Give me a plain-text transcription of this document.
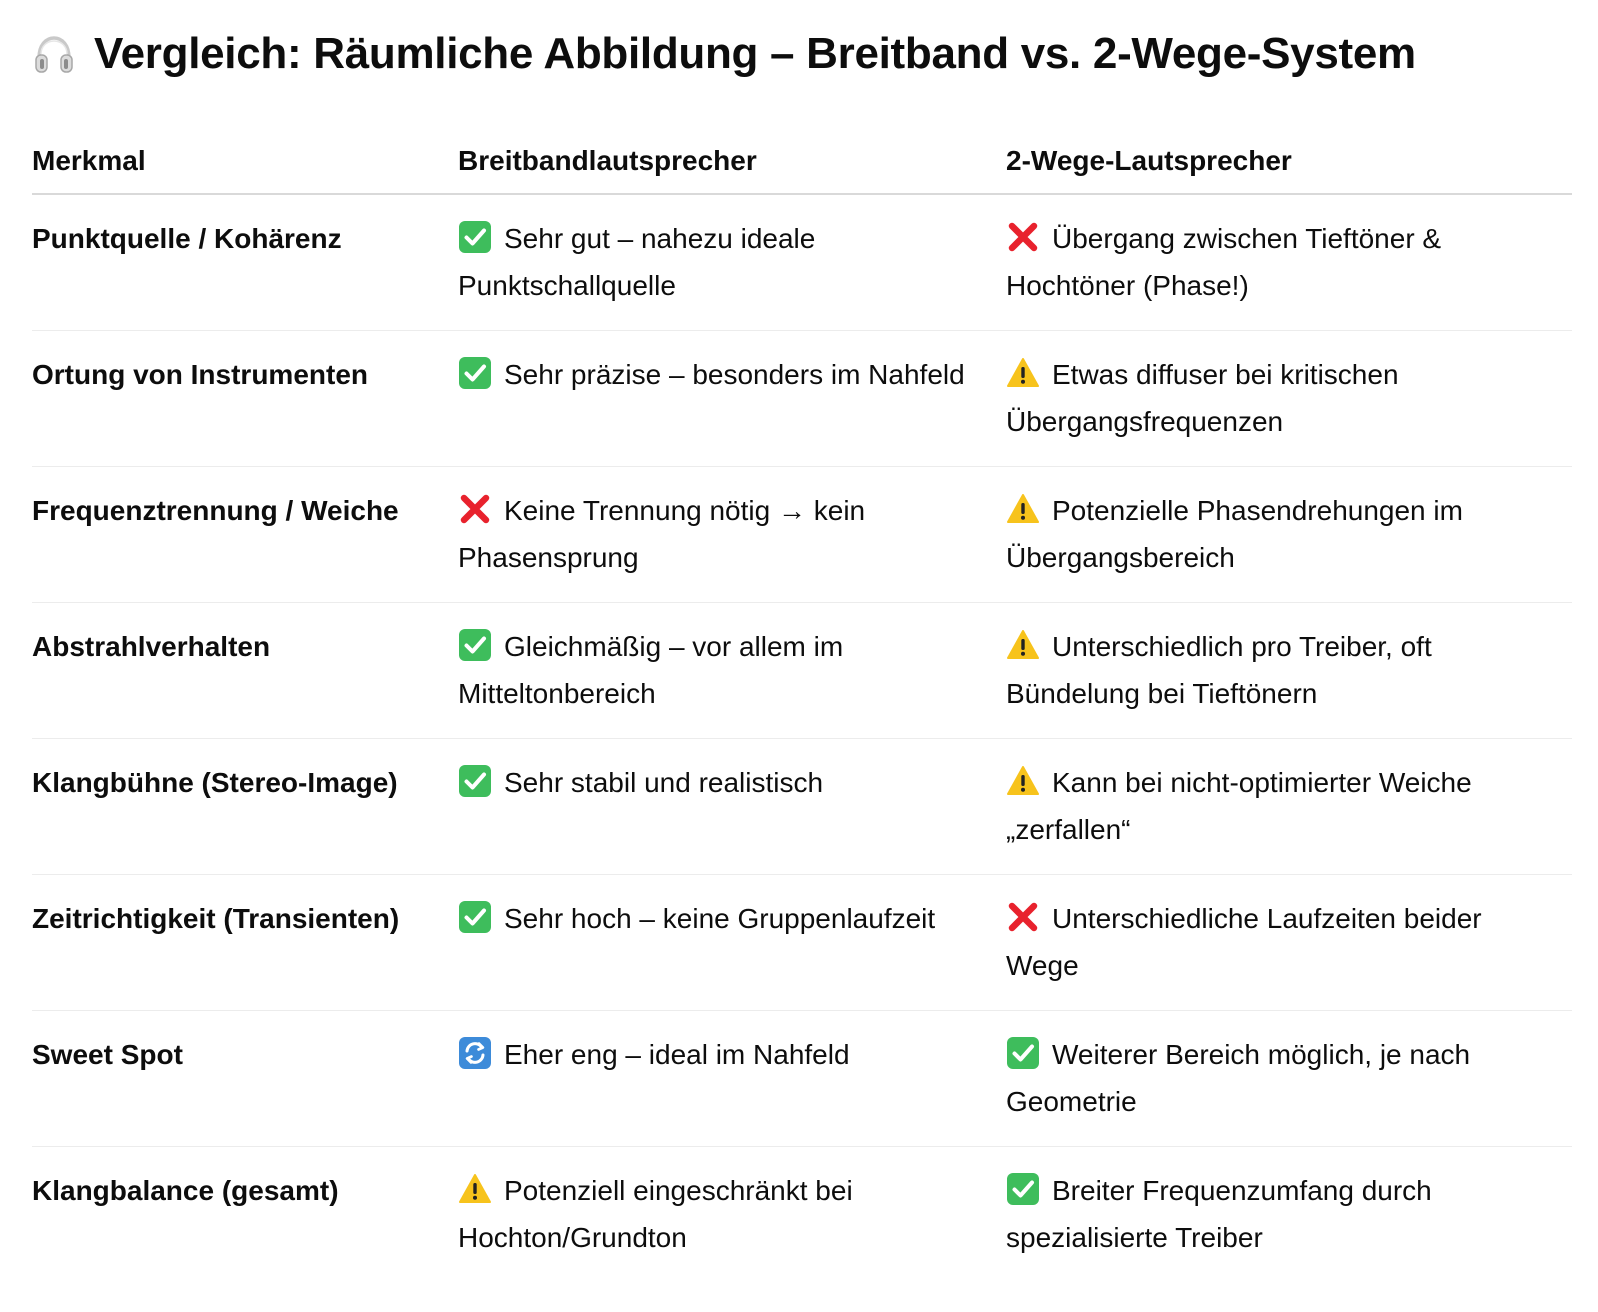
Vergleich: Räumliche Abbildung – Breitband vs. 2-Wege-System
Merkmal	Breitbandlautsprecher	2-Wege-Lautsprecher
Punktquelle / Kohärenz	Sehr gut – nahezu ideale Punktschallquelle	Übergang zwischen Tieftöner & Hochtöner (Phase!)
Ortung von Instrumenten	Sehr präzise – besonders im Nahfeld	Etwas diffuser bei kritischen Übergangsfrequenzen
Frequenztrennung / Weiche	Keine Trennung nötig → kein Phasensprung	Potenzielle Phasendrehungen im Übergangsbereich
Abstrahlverhalten	Gleichmäßig – vor allem im Mitteltonbereich	Unterschiedlich pro Treiber, oft Bündelung bei Tieftönern
Klangbühne (Stereo-Image)	Sehr stabil und realistisch	Kann bei nicht-optimierter Weiche „zerfallen“
Zeitrichtigkeit (Transienten)	Sehr hoch – keine Gruppenlaufzeit	Unterschiedliche Laufzeiten beider Wege
Sweet Spot	Eher eng – ideal im Nahfeld	Weiterer Bereich möglich, je nach Geometrie
Klangbalance (gesamt)	Potenziell eingeschränkt bei Hochton/Grundton	Breiter Frequenzumfang durch spezialisierte Treiber
